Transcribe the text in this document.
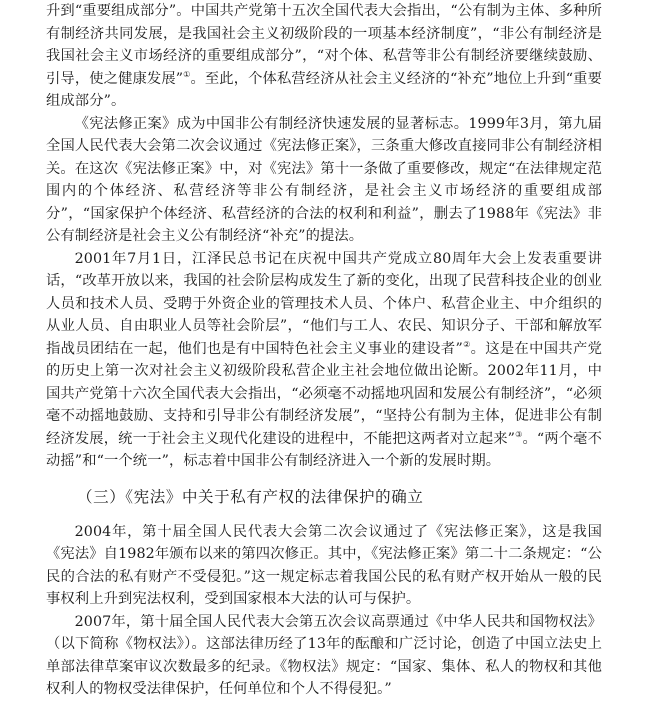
升到“重要组成部分”。中国共产党第十五次全国代表大会指出，“公有制为主体、多种所有制经济共同发展，是我国社会主义初级阶段的一项基本经济制度”，“非公有制经济是我国社会主义市场经济的重要组成部分”，“对个体、私营等非公有制经济要继续鼓励、引导，使之健康发展”①。至此，个体私营经济从社会主义经济的“补充”地位上升到“重要组成部分”。

《宪法修正案》成为中国非公有制经济快速发展的显著标志。1999年3月，第九届全国人民代表大会第二次会议通过《宪法修正案》，三条重大修改直接同非公有制经济相关。在这次《宪法修正案》中，对《宪法》第十一条做了重要修改，规定“在法律规定范围内的个体经济、私营经济等非公有制经济，是社会主义市场经济的重要组成部分”，“国家保护个体经济、私营经济的合法的权利和利益”，删去了1988年《宪法》非公有制经济是社会主义公有制经济“补充”的提法。

2001年7月1日，江泽民总书记在庆祝中国共产党成立80周年大会上发表重要讲话，“改革开放以来，我国的社会阶层构成发生了新的变化，出现了民营科技企业的创业人员和技术人员、受聘于外资企业的管理技术人员、个体户、私营企业主、中介组织的从业人员、自由职业人员等社会阶层”，“他们与工人、农民、知识分子、干部和解放军指战员团结在一起，他们也是有中国特色社会主义事业的建设者”②。这是在中国共产党的历史上第一次对社会主义初级阶段私营企业主社会地位做出论断。2002年11月，中国共产党第十六次全国代表大会指出，“必须毫不动摇地巩固和发展公有制经济”，“必须毫不动摇地鼓励、支持和引导非公有制经济发展”，“坚持公有制为主体，促进非公有制经济发展，统一于社会主义现代化建设的进程中，不能把这两者对立起来”③。“两个毫不动摇”和“一个统一”，标志着中国非公有制经济进入一个新的发展时期。

（三）《宪法》中关于私有产权的法律保护的确立

2004年，第十届全国人民代表大会第二次会议通过了《宪法修正案》，这是我国《宪法》自1982年颁布以来的第四次修正。其中，《宪法修正案》第二十二条规定：“公民的合法的私有财产不受侵犯。”这一规定标志着我国公民的私有财产权开始从一般的民事权利上升到宪法权利，受到国家根本大法的认可与保护。

2007年，第十届全国人民代表大会第五次会议高票通过《中华人民共和国物权法》（以下简称《物权法》）。这部法律历经了13年的酝酿和广泛讨论，创造了中国立法史上单部法律草案审议次数最多的纪录。《物权法》规定：“国家、集体、私人的物权和其他权利人的物权受法律保护，任何单位和个人不得侵犯。”
